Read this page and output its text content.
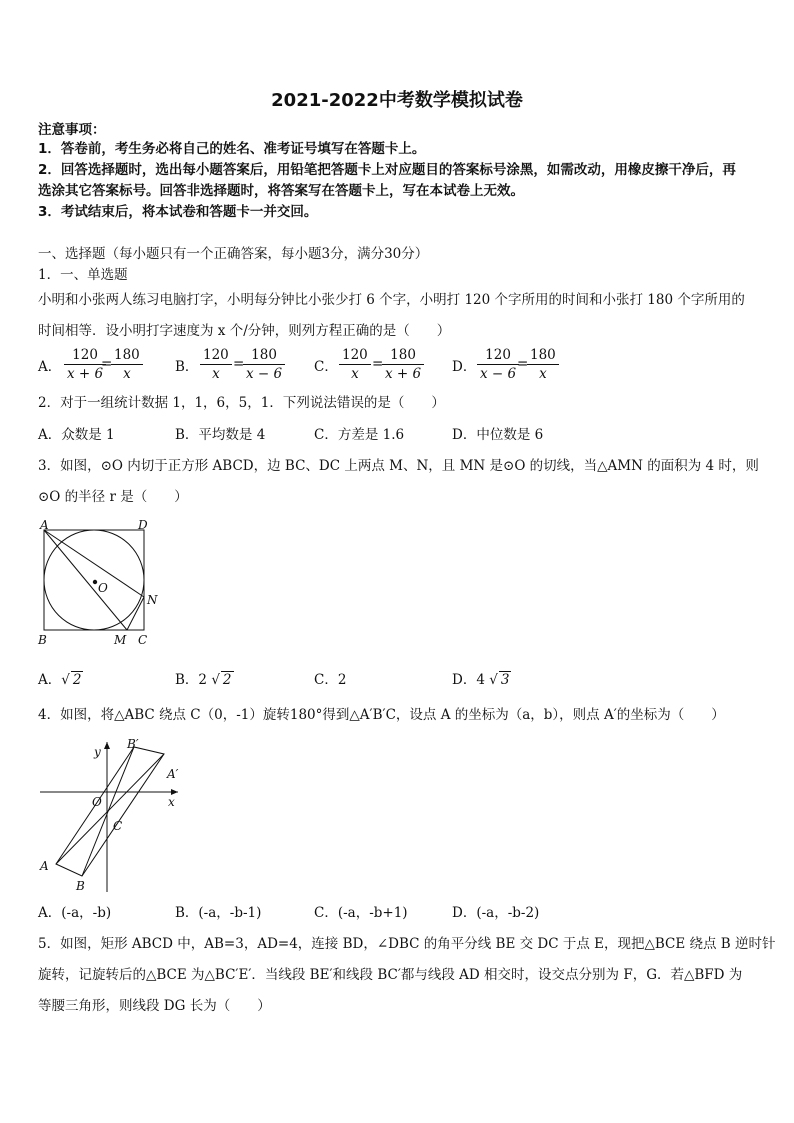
2021-2022中考数学模拟试卷
注意事项：
1．答卷前，考生务必将自己的姓名、准考证号填写在答题卡上。
2．回答选择题时，选出每小题答案后，用铅笔把答题卡上对应题目的答案标号涂黑，如需改动，用橡皮擦干净后，再
选涂其它答案标号。回答非选择题时，将答案写在答题卡上，写在本试卷上无效。
3．考试结束后，将本试卷和答题卡一并交回。
一、选择题（每小题只有一个正确答案，每小题3分，满分30分）
1．一、单选题
小明和小张两人练习电脑打字，小明每分钟比小张少打 6 个字，小明打 120 个字所用的时间和小张打 180 个字所用的
时间相等．设小明打字速度为 x 个/分钟，则列方程正确的是（　　）
A． $\frac{120}{x + 6}$
=
$\frac{180}{x}$ B． $\frac{120}{x}$ =
$\frac{180}{x - 6}$ C． $\frac{120}{x}$ =
$\frac{180}{x + 6}$ D． $\frac{120}{x - 6}$
=
$\frac{180}{x}$
2．对于一组统计数据 1，1，6，5，1．下列说法错误的是（　　）
A．众数是 1	B．平均数是 4	C．方差是 1.6	D．中位数是 6
3．如图，⊙O 内切于正方形 ABCD，边 BC、DC 上两点 M、N，且 MN 是⊙O 的切线，当△AMN 的面积为 4 时，则
⊙O 的半径 r 是（　　）
A	D
O
N
B	M C
A．√ 2	B．2 √ 2	C．2	D．4 √ 3
4．如图，将△ABC 绕点 C（0，-1）旋转180°得到△A′B′C，设点 A 的坐标为（a，b），则点 A′的坐标为（　　）
y
B′
A′
O	x
C
A
B
A．(-a，-b)	B．(-a，-b-1)	C．(-a，-b+1)	D．(-a，-b-2)
5．如图，矩形 ABCD 中，AB=3，AD=4，连接 BD，∠DBC 的角平分线 BE 交 DC 于点 E，现把△BCE 绕点 B 逆时针
旋转，记旋转后的△BCE 为△BC′E′．当线段 BE′和线段 BC′都与线段 AD 相交时，设交点分别为 F，G．若△BFD 为
等腰三角形，则线段 DG 长为（　　）
